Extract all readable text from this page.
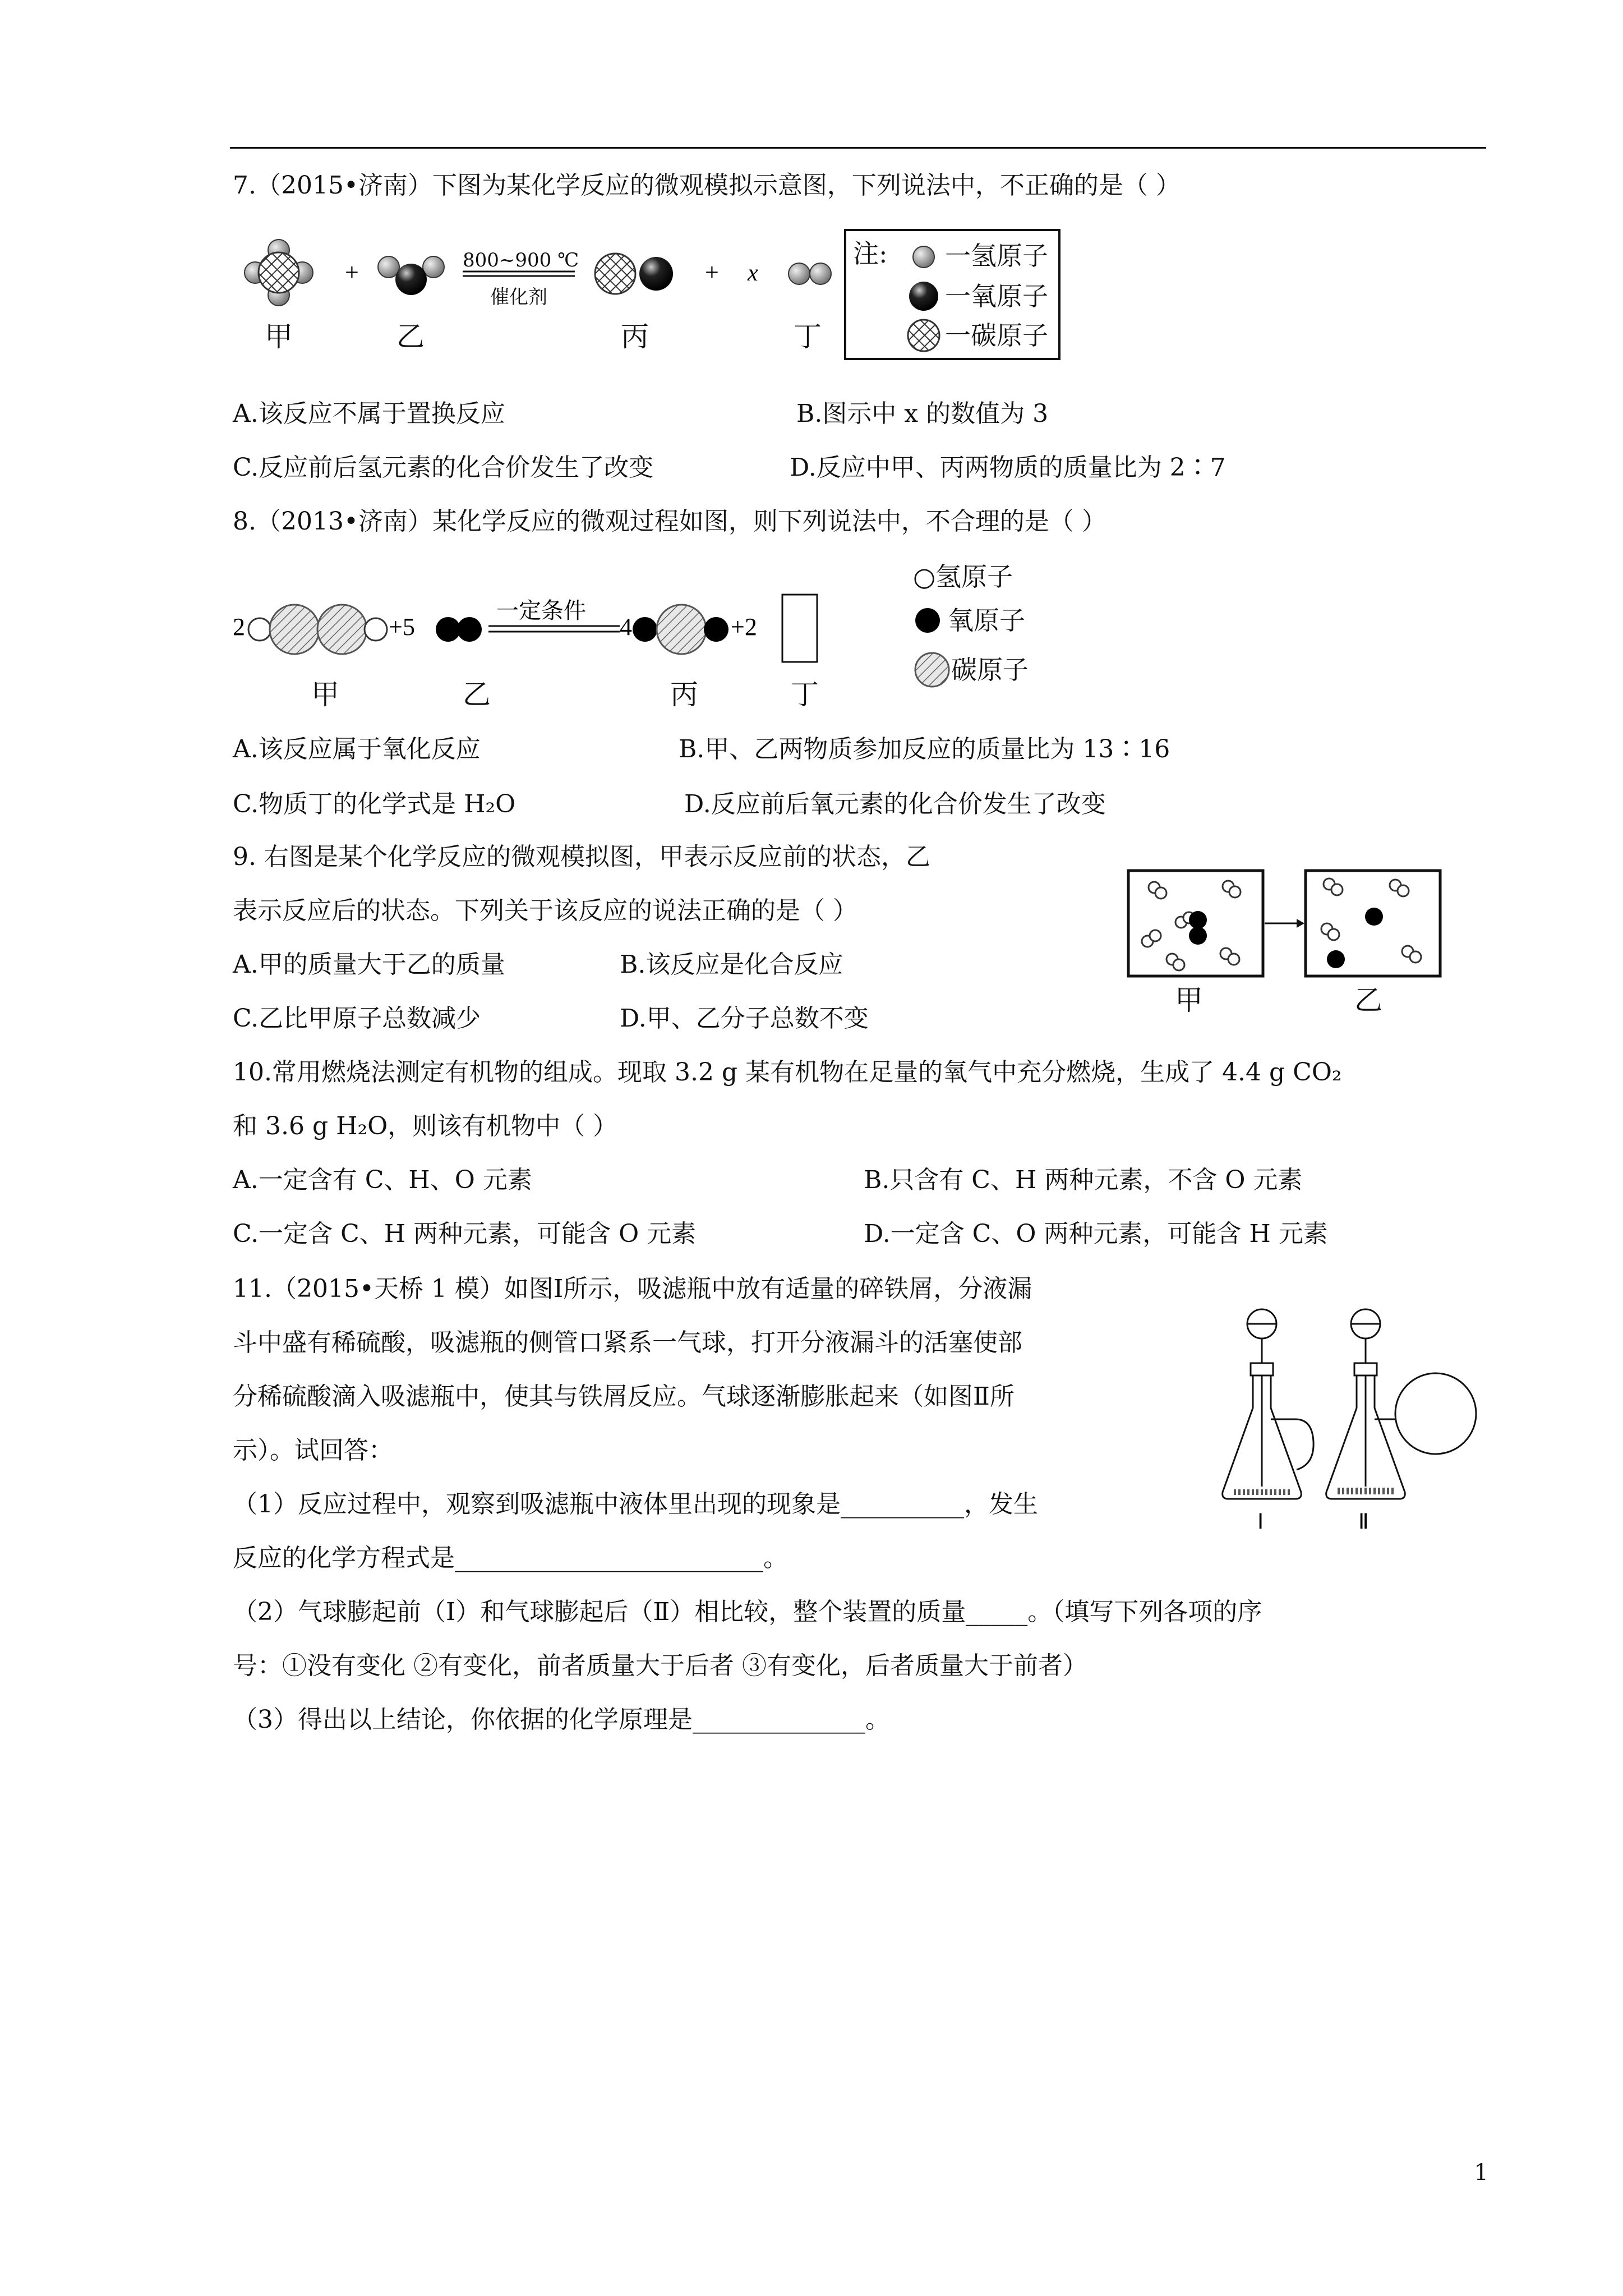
7.（2015•济南）下图为某化学反应的微观模拟示意图，下列说法中，不正确的是（ ）
+	+ x
800~900 ℃
催化剂
甲	乙	丙	丁
注: 一氢原子
一氧原子
一碳原子
A.该反应不属于置换反应	B.图示中 x 的数值为 3
C.反应前后氢元素的化合价发生了改变	D.反应中甲、丙两物质的质量比为 2∶7
8.（2013•济南）某化学反应的微观过程如图，则下列说法中，不合理的是（ ）
2	+5
一定条件
4	+2
甲	乙	丙	丁
○氢原子
氧原子
碳原子
A.该反应属于氧化反应	B.甲、乙两物质参加反应的质量比为 13∶16
C.物质丁的化学式是 H₂O	D.反应前后氧元素的化合价发生了改变
9. 右图是某个化学反应的微观模拟图，甲表示反应前的状态，乙
表示反应后的状态。下列关于该反应的说法正确的是（ ）
A.甲的质量大于乙的质量	B.该反应是化合反应
C.乙比甲原子总数减少	D.甲、乙分子总数不变
甲	乙
10.常用燃烧法测定有机物的组成。现取 3.2 g 某有机物在足量的氧气中充分燃烧，生成了 4.4 g CO₂
和 3.6 g H₂O，则该有机物中（ ）
A.一定含有 C、H、O 元素	B.只含有 C、H 两种元素，不含 O 元素
C.一定含 C、H 两种元素，可能含 O 元素	D.一定含 C、O 两种元素，可能含 H 元素
11.（2015•天桥 1 模）如图Ⅰ所示，吸滤瓶中放有适量的碎铁屑，分液漏
斗中盛有稀硫酸，吸滤瓶的侧管口紧系一气球，打开分液漏斗的活塞使部
分稀硫酸滴入吸滤瓶中，使其与铁屑反应。气球逐渐膨胀起来（如图Ⅱ所
示）。试回答：
（1）反应过程中，观察到吸滤瓶中液体里出现的现象是__________，发生
反应的化学方程式是_________________________。
（2）气球膨起前（Ⅰ）和气球膨起后（Ⅱ）相比较，整个装置的质量_____。（填写下列各项的序
号：①没有变化 ②有变化，前者质量大于后者 ③有变化，后者质量大于前者）
（3）得出以上结论，你依据的化学原理是______________。
Ⅰ	Ⅱ
1
